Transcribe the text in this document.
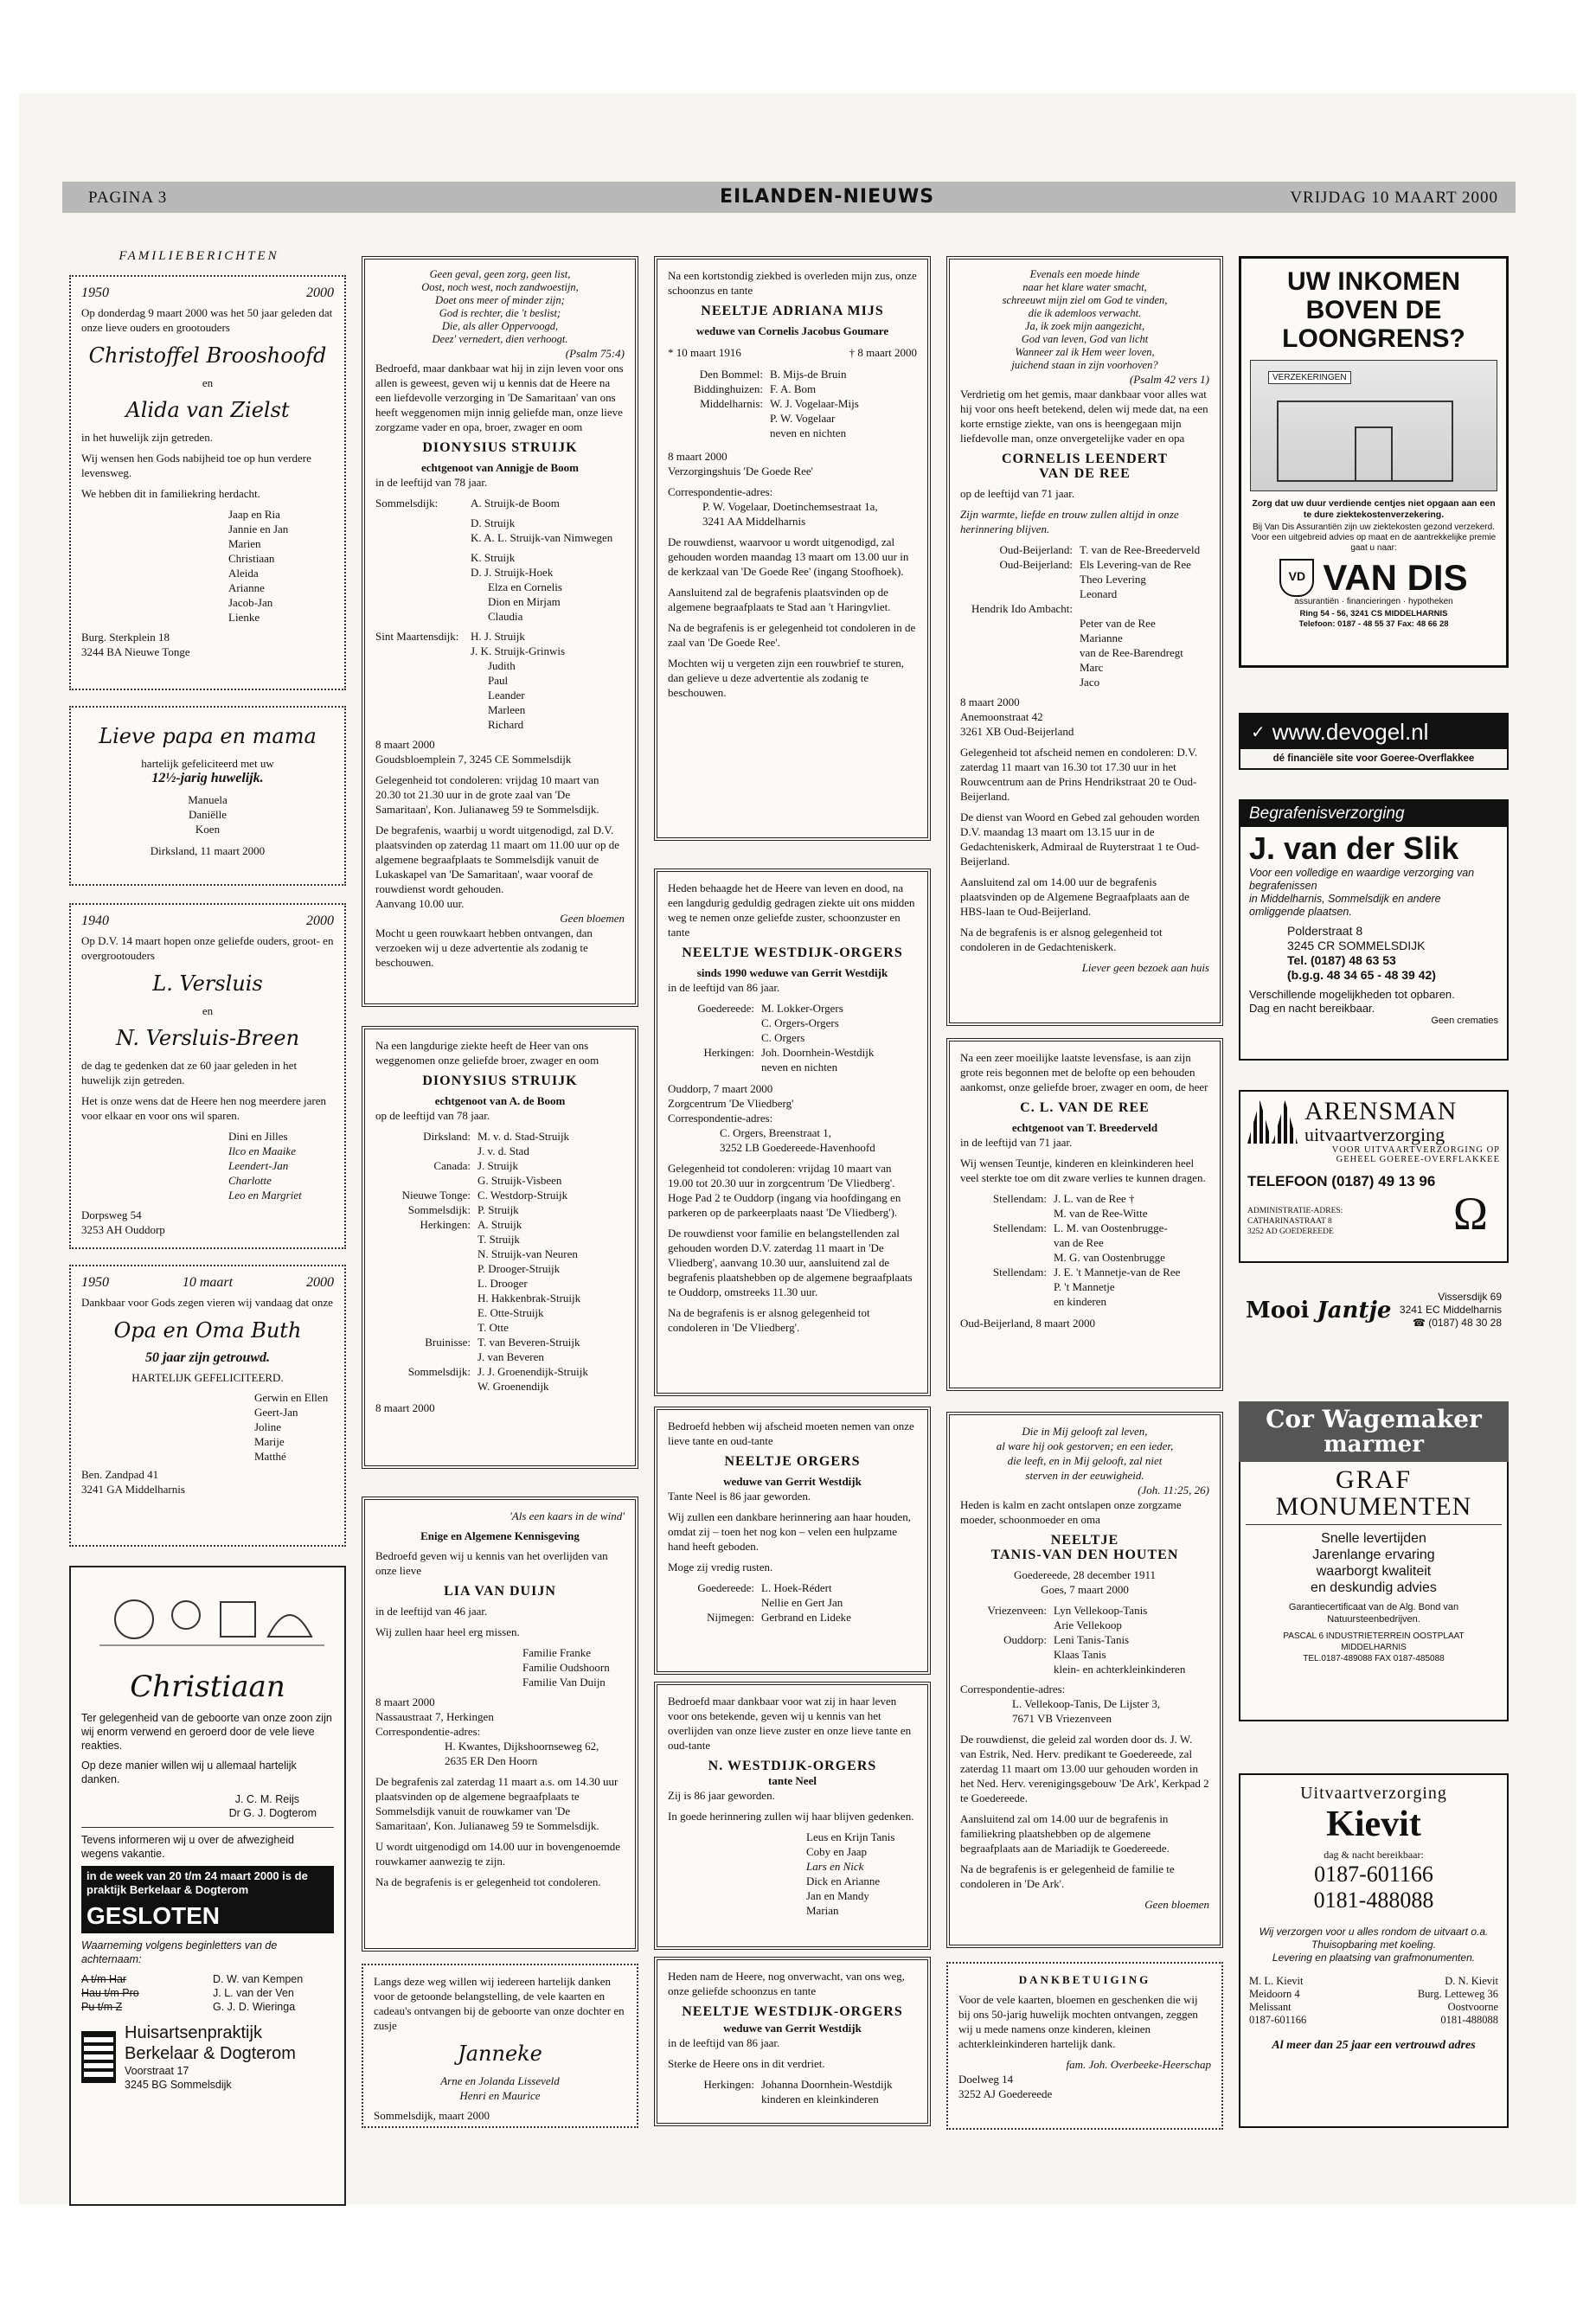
PAGINA 3	EILANDEN-NIEUWS	VRIJDAG 10 MAART 2000
FAMILIEBERICHTEN
1950	2000

Op donderdag 9 maart 2000 was het 50 jaar geleden dat onze lieve ouders en grootouders

Christoffel Brooshoofd
en
Alida van Zielst

in het huwelijk zijn getreden.

Wij wensen hen Gods nabijheid toe op hun verdere levensweg.

We hebben dit in familiekring herdacht.

Jaap en Ria
Jannie en Jan
Marien
Christiaan
Aleida
Arianne
Jacob-Jan
Lienke
Burg. Sterkplein 18
3244 BA Nieuwe Tonge
Lieve papa en mama
hartelijk gefeliciteerd met uw
12½-jarig huwelijk.
Manuela
Daniëlle
Koen
Dirksland, 11 maart 2000
1940	2000

Op D.V. 14 maart hopen onze geliefde ouders, groot- en overgrootouders

L. Versluis
en
N. Versluis-Breen

de dag te gedenken dat ze 60 jaar geleden in het huwelijk zijn getreden.

Het is onze wens dat de Heere hen nog meerdere jaren voor elkaar en voor ons wil sparen.

Dini en Jilles
Ilco en Maaike
Leendert-Jan
Charlotte
Leo en Margriet
Dorpsweg 54
3253 AH Ouddorp
1950	10 maart	2000

Dankbaar voor Gods zegen vieren wij vandaag dat onze

Opa en Oma Buth
50 jaar zijn getrouwd.
HARTELIJK GEFELICITEERD.
Gerwin en Ellen
Geert-Jan
Joline
Marije
Matthé
Ben. Zandpad 41
3241 GA Middelharnis
Christiaan

Ter gelegenheid van de geboorte van onze zoon zijn wij enorm verwend en geroerd door de vele lieve reakties.

Op deze manier willen wij u allemaal hartelijk danken.

J. C. M. Reijs
Dr G. J. Dogterom
Tevens informeren wij u over de afwezigheid wegens vakantie.
in de week van 20 t/m 24 maart 2000 is de praktijk Berkelaar & Dogterom
GESLOTEN

Waarneming volgens beginletters van de achternaam:

A t/m Har	D. W. van Kempen
Hau t/m Pro	J. L. van der Ven
Pu t/m Z	G. J. D. Wieringa
Huisartsenpraktijk
Berkelaar & Dogterom
Voorstraat 17
3245 BG Sommelsdijk
Geen geval, geen zorg, geen list,
Oost, noch west, noch zandwoestijn,
Doet ons meer of minder zijn;
God is rechter, die 't beslist;
Die, als aller Oppervoogd,
Deez' vernedert, dien verhoogt.
(Psalm 75:4)

Bedroefd, maar dankbaar wat hij in zijn leven voor ons allen is geweest, geven wij u kennis dat de Heere na een liefdevolle verzorging in 'De Samaritaan' van ons heeft weggenomen mijn innig geliefde man, onze lieve zorgzame vader en opa, broer, zwager en oom

DIONYSIUS STRUIJK
echtgenoot van Annigje de Boom

in de leeftijd van 78 jaar.

Sommelsdijk:	A. Struijk-de Boom
D. Struijk
K. A. L. Struijk-van Nimwegen
K. Struijk
D. J. Struijk-Hoek
Elza en Cornelis
Dion en Mirjam
Claudia
Sint Maartensdijk:	H. J. Struijk
J. K. Struijk-Grinwis
Judith
Paul
Leander
Marleen
Richard
8 maart 2000

Goudsbloemplein 7, 3245 CE Sommelsdijk

Gelegenheid tot condoleren: vrijdag 10 maart van 20.30 tot 21.30 uur in de grote zaal van 'De Samaritaan', Kon. Julianaweg 59 te Sommelsdijk.

De begrafenis, waarbij u wordt uitgenodigd, zal D.V. plaatsvinden op zaterdag 11 maart om 11.00 uur op de algemene begraafplaats te Sommelsdijk vanuit de Lukaskapel van 'De Samaritaan', waar vooraf de rouwdienst wordt gehouden.

Aanvang 10.00 uur.
Geen bloemen

Mocht u geen rouwkaart hebben ontvangen, dan verzoeken wij u deze advertentie als zodanig te beschouwen.

Na een langdurige ziekte heeft de Heer van ons weggenomen onze geliefde broer, zwager en oom

DIONYSIUS STRUIJK
echtgenoot van A. de Boom

op de leeftijd van 78 jaar.

Dirksland: M. v. d. Stad-Struijk
J. v. d. Stad
Canada: J. Struijk
G. Struijk-Visbeen
Nieuwe Tonge: C. Westdorp-Struijk
Sommelsdijk: P. Struijk
Herkingen: A. Struijk
T. Struijk
N. Struijk-van Neuren
P. Drooger-Struijk
L. Drooger
H. Hakkenbrak-Struijk
E. Otte-Struijk
T. Otte
Bruinisse: T. van Beveren-Struijk
J. van Beveren
Sommelsdijk: J. J. Groenendijk-Struijk
W. Groenendijk
8 maart 2000
'Als een kaars in de wind'
Enige en Algemene Kennisgeving

Bedroefd geven wij u kennis van het overlijden van onze lieve

LIA VAN DUIJN

in de leeftijd van 46 jaar.

Wij zullen haar heel erg missen.

Familie Franke
Familie Oudshoorn
Familie Van Duijn
8 maart 2000
Nassaustraat 7, Herkingen
Correspondentie-adres:
H. Kwantes, Dijkshoornseweg 62,

2635 ER Den Hoorn

De begrafenis zal zaterdag 11 maart a.s. om 14.30 uur plaatsvinden op de algemene begraafplaats te Sommelsdijk vanuit de rouwkamer van 'De Samaritaan', Kon. Julianaweg 59 te Sommelsdijk.

U wordt uitgenodigd om 14.00 uur in bovengenoemde rouwkamer aanwezig te zijn.

Na de begrafenis is er gelegenheid tot condoleren.

Langs deze weg willen wij iedereen hartelijk danken voor de getoonde belangstelling, de vele kaarten en cadeau's ontvangen bij de geboorte van onze dochter en zusje

Janneke
Arne en Jolanda Lisseveld
Henri en Maurice
Sommelsdijk, maart 2000

Na een kortstondig ziekbed is overleden mijn zus, onze schoonzus en tante

NEELTJE ADRIANA MIJS
weduwe van Cornelis Jacobus Goumare
* 10 maart 1916	† 8 maart 2000
Den Bommel: B. Mijs-de Bruin
Biddinghuizen: F. A. Bom
Middelharnis: W. J. Vogelaar-Mijs
P. W. Vogelaar
neven en nichten
8 maart 2000

Verzorgingshuis 'De Goede Ree'

Correspondentie-adres:
P. W. Vogelaar, Doetinchemsestraat 1a,

3241 AA Middelharnis

De rouwdienst, waarvoor u wordt uitgenodigd, zal gehouden worden maandag 13 maart om 13.00 uur in de kerkzaal van 'De Goede Ree' (ingang Stoofhoek).

Aansluitend zal de begrafenis plaatsvinden op de algemene begraafplaats te Stad aan 't Haringvliet.

Na de begrafenis is er gelegenheid tot condoleren in de zaal van 'De Goede Ree'.

Mochten wij u vergeten zijn een rouwbrief te sturen, dan gelieve u deze advertentie als zodanig te beschouwen.

Heden behaagde het de Heere van leven en dood, na een langdurig geduldig gedragen ziekte uit ons midden weg te nemen onze geliefde zuster, schoonzuster en tante

NEELTJE WESTDIJK-ORGERS
sinds 1990 weduwe van Gerrit Westdijk

in de leeftijd van 86 jaar.

Goedereede: M. Lokker-Orgers
C. Orgers-Orgers
C. Orgers
Herkingen: Joh. Doornhein-Westdijk
neven en nichten
Ouddorp, 7 maart 2000
Zorgcentrum 'De Vliedberg'
Correspondentie-adres:
C. Orgers, Breenstraat 1,

3252 LB Goedereede-Havenhoofd

Gelegenheid tot condoleren: vrijdag 10 maart van 19.00 tot 20.30 uur in zorgcentrum 'De Vliedberg'. Hoge Pad 2 te Ouddorp (ingang via hoofdingang en parkeren op de parkeerplaats naast 'De Vliedberg').

De rouwdienst voor familie en belangstellenden zal gehouden worden D.V. zaterdag 11 maart in 'De Vliedberg', aanvang 10.30 uur, aansluitend zal de begrafenis plaatshebben op de algemene begraafplaats te Ouddorp, omstreeks 11.30 uur.

Na de begrafenis is er alsnog gelegenheid tot condoleren in 'De Vliedberg'.

Bedroefd hebben wij afscheid moeten nemen van onze lieve tante en oud-tante

NEELTJE ORGERS
weduwe van Gerrit Westdijk

Tante Neel is 86 jaar geworden.

Wij zullen een dankbare herinnering aan haar houden, omdat zij – toen het nog kon – velen een hulpzame hand heeft geboden.

Moge zij vredig rusten.

Goedereede: L. Hoek-Rédert
Nellie en Gert Jan
Nijmegen: Gerbrand en Lideke

Bedroefd maar dankbaar voor wat zij in haar leven voor ons betekende, geven wij u kennis van het overlijden van onze lieve zuster en onze lieve tante en oud-tante

N. WESTDIJK-ORGERS
tante Neel

Zij is 86 jaar geworden.

In goede herinnering zullen wij haar blijven gedenken.

Leus en Krijn Tanis
Coby en Jaap
Lars en Nick
Dick en Arianne
Jan en Mandy
Marian

Heden nam de Heere, nog onverwacht, van ons weg, onze geliefde schoonzus en tante

NEELTJE WESTDIJK-ORGERS
weduwe van Gerrit Westdijk

in de leeftijd van 86 jaar.

Sterke de Heere ons in dit verdriet.

Herkingen: Johanna Doornhein-Westdijk
kinderen en kleinkinderen
Evenals een moede hinde
naar het klare water smacht,
schreeuwt mijn ziel om God te vinden,
die ik ademloos verwacht.
Ja, ik zoek mijn aangezicht,
God van leven, God van licht
Wanneer zal ik Hem weer loven,
juichend staan in zijn voorhoven?
(Psalm 42 vers 1)

Verdrietig om het gemis, maar dankbaar voor alles wat hij voor ons heeft betekend, delen wij mede dat, na een korte ernstige ziekte, van ons is heengegaan mijn liefdevolle man, onze onvergetelijke vader en opa

CORNELIS LEENDERT
VAN DE REE

op de leeftijd van 71 jaar.

Zijn warmte, liefde en trouw zullen altijd in onze herinnering blijven.

Oud-Beijerland: T. van de Ree-Breederveld
Oud-Beijerland: Els Levering-van de Ree
Theo Levering
Leonard
Hendrik Ido Ambacht:
Peter van de Ree
Marianne
van de Ree-Barendregt
Marc
Jaco
8 maart 2000
Anemoonstraat 42

3261 XB Oud-Beijerland

Gelegenheid tot afscheid nemen en condoleren: D.V. zaterdag 11 maart van 16.30 tot 17.30 uur in het Rouwcentrum aan de Prins Hendrikstraat 20 te Oud-Beijerland.

De dienst van Woord en Gebed zal gehouden worden D.V. maandag 13 maart om 13.15 uur in de Gedachteniskerk, Admiraal de Ruyterstraat 1 te Oud-Beijerland.

Aansluitend zal om 14.00 uur de begrafenis plaatsvinden op de Algemene Begraafplaats aan de HBS-laan te Oud-Beijerland.

Na de begrafenis is er alsnog gelegenheid tot condoleren in de Gedachteniskerk.

Liever geen bezoek aan huis

Na een zeer moeilijke laatste levensfase, is aan zijn grote reis begonnen met de belofte op een behouden aankomst, onze geliefde broer, zwager en oom, de heer

C. L. VAN DE REE
echtgenoot van T. Breederveld

in de leeftijd van 71 jaar.

Wij wensen Teuntje, kinderen en kleinkinderen heel veel sterkte toe om dit zware verlies te kunnen dragen.

Stellendam: J. L. van de Ree †
M. van de Ree-Witte
Stellendam: L. M. van Oostenbrugge-
van de Ree
M. G. van Oostenbrugge
Stellendam: J. E. 't Mannetje-van de Ree
P. 't Mannetje
en kinderen
Oud-Beijerland, 8 maart 2000
Die in Mij gelooft zal leven,
al ware hij ook gestorven; en een ieder,
die leeft, en in Mij gelooft, zal niet
sterven in der eeuwigheid.
(Joh. 11:25, 26)

Heden is kalm en zacht ontslapen onze zorgzame moeder, schoonmoeder en oma

NEELTJE
TANIS-VAN DEN HOUTEN
Goedereede, 28 december 1911

Goes, 7 maart 2000

Vriezenveen: Lyn Vellekoop-Tanis
Arie Vellekoop
Ouddorp: Leni Tanis-Tanis
Klaas Tanis
klein- en achterkleinkinderen
Correspondentie-adres:
L. Vellekoop-Tanis, De Lijster 3,

7671 VB Vriezenveen

De rouwdienst, die geleid zal worden door ds. J. W. van Estrik, Ned. Herv. predikant te Goedereede, zal zaterdag 11 maart om 13.00 uur gehouden worden in het Ned. Herv. verenigingsgebouw 'De Ark', Kerkpad 2 te Goedereede.

Aansluitend zal om 14.00 uur de begrafenis in familiekring plaatshebben op de algemene begraafplaats aan de Mariadijk te Goedereede.

Na de begrafenis is er gelegenheid de familie te condoleren in 'De Ark'.

Geen bloemen
DANKBETUIGING

Voor de vele kaarten, bloemen en geschenken die wij bij ons 50-jarig huwelijk mochten ontvangen, zeggen wij u mede namens onze kinderen, kleinen achterkleinkinderen hartelijk dank.

fam. Joh. Overbeeke-Heerschap
Doelweg 14
3252 AJ Goedereede
UW INKOMEN
BOVEN DE
LOONGRENS?
VERZEKERINGEN
Zorg dat uw duur verdiende centjes niet opgaan aan een te dure ziektekostenverzekering.
Bij Van Dis Assurantiën zijn uw ziektekosten gezond verzekerd. Voor een uitgebreid advies op maat en de aantrekkelijke premie gaat u naar:
VD VAN DIS
assurantiën · financieringen · hypotheken
Ring 54 - 56, 3241 CS MIDDELHARNIS
Telefoon: 0187 - 48 55 37 Fax: 48 66 28
✓ www.devogel.nl
dé financiële site voor Goeree-Overflakkee
Begrafenisverzorging
J. van der Slik
Voor een volledige en waardige verzorging van begrafenissen
in Middelharnis, Sommelsdijk en andere omliggende plaatsen.
Polderstraat 8
3245 CR SOMMELSDIJK
Tel. (0187) 48 63 53
(b.g.g. 48 34 65 - 48 39 42)
Verschillende mogelijkheden tot opbaren.
Dag en nacht bereikbaar.
Geen crematies
ARENSMAN
uitvaartverzorging
VOOR UITVAARTVERZORGING OP
GEHEEL GOEREE-OVERFLAKKEE
TELEFOON (0187) 49 13 96
ADMINISTRATIE-ADRES:
CATHARINASTRAAT 8
3252 AD GOEDEREEDE	Ω
Mooi Jantje
Vissersdijk 69
3241 EC Middelharnis
☎ (0187) 48 30 28
Cor Wagemaker
marmer
GRAF
MONUMENTEN
Snelle levertijden
Jarenlange ervaring
waarborgt kwaliteit
en deskundig advies
Garantiecertificaat van de Alg. Bond van Natuursteenbedrijven.
PASCAL 6 INDUSTRIETERREIN OOSTPLAAT
MIDDELHARNIS
TEL.0187-489088 FAX 0187-485088
Uitvaartverzorging
Kievit
dag & nacht bereikbaar:
0187-601166
0181-488088
Wij verzorgen voor u alles rondom de uitvaart o.a. Thuisopbaring met koeling.
Levering en plaatsing van grafmonumenten.
M. L. Kievit
Meidoorn 4
Melissant
0187-601166
D. N. Kievit
Burg. Letteweg 36
Oostvoorne
0181-488088
Al meer dan 25 jaar een vertrouwd adres
